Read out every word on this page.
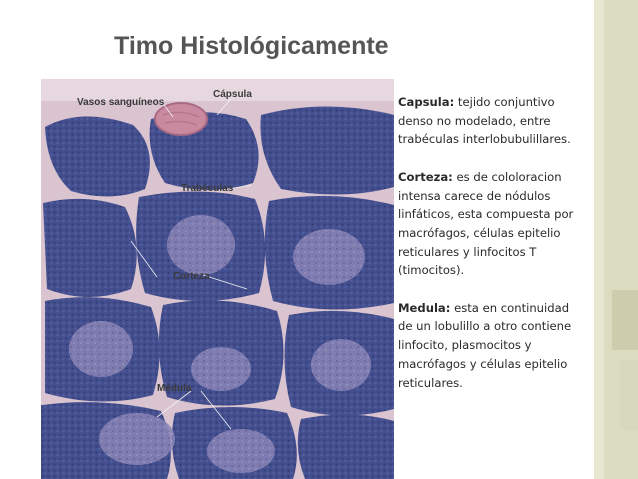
Timo Histológicamente
Vasos sanguíneos
Cápsula
Trabéculas
Corteza
Médula

Capsula: tejido conjuntivo denso no modelado, entre trabéculas interlobubulillares.

Corteza: es de cololoracion intensa carece de nódulos linfáticos, esta compuesta por macrófagos, células epitelio reticulares y linfocitos T (timocitos).

Medula: esta en continuidad de un lobulillo a otro contiene linfocito, plasmocitos y macrófagos y células epitelio reticulares.
